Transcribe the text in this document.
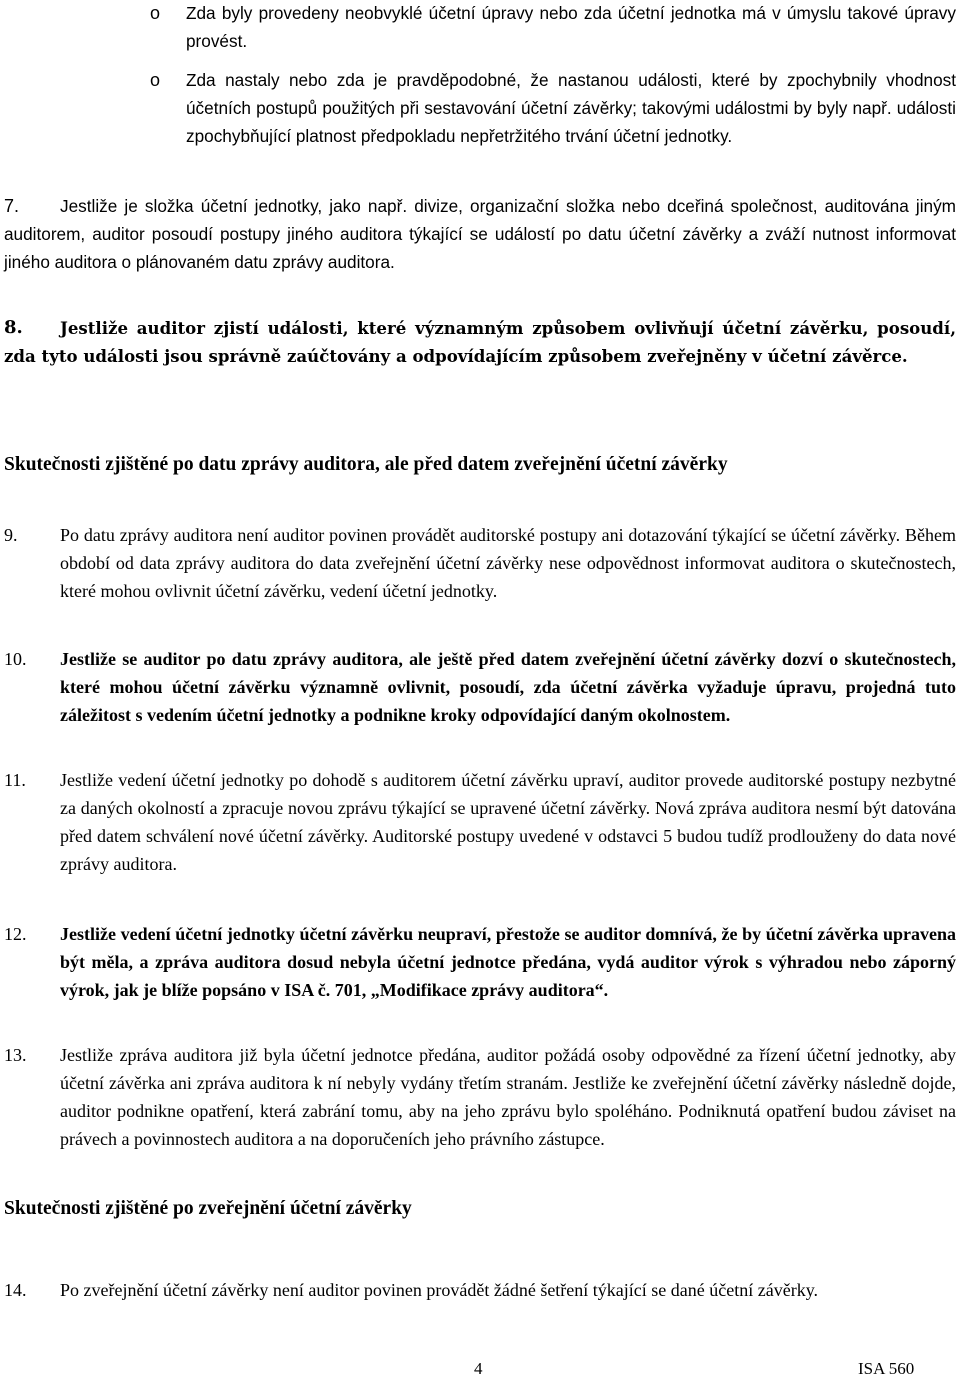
o Zda byly provedeny neobvyklé účetní úpravy nebo zda účetní jednotka má v úmyslu takové úpravy provést.

o Zda nastaly nebo zda je pravděpodobné, že nastanou události, které by zpochybnily vhodnost účetních postupů použitých při sestavování účetní závěrky; takovými událostmi by byly např. události zpochybňující platnost předpokladu nepřetržitého trvání účetní jednotky.

7.	Jestliže je složka účetní jednotky, jako např. divize, organizační složka nebo dceřiná společnost, auditována jiným auditorem, auditor posoudí postupy jiného auditora týkající se událostí po datu účetní závěrky a zváží nutnost informovat jiného auditora o plánovaném datu zprávy auditora.

8.	Jestliže auditor zjistí události, které významným způsobem ovlivňují účetní závěrku, posoudí, zda tyto události jsou správně zaúčtovány a odpovídajícím způsobem zveřejněny v účetní závěrce.

Skutečnosti zjištěné po datu zprávy auditora, ale před datem zveřejnění účetní závěrky
9. Po datu zprávy auditora není auditor povinen provádět auditorské postupy ani dotazování týkající se účetní závěrky. Během období od data zprávy auditora do data zveřejnění účetní závěrky nese odpovědnost informovat auditora o skutečnostech, které mohou ovlivnit účetní závěrku, vedení účetní jednotky.

10. Jestliže se auditor po datu zprávy auditora, ale ještě před datem zveřejnění účetní závěrky dozví o skutečnostech, které mohou účetní závěrku významně ovlivnit, posoudí, zda účetní závěrka vyžaduje úpravu, projedná tuto záležitost s vedením účetní jednotky a podnikne kroky odpovídající daným okolnostem.

11. Jestliže vedení účetní jednotky po dohodě s auditorem účetní závěrku upraví, auditor provede auditorské postupy nezbytné za daných okolností a zpracuje novou zprávu týkající se upravené účetní závěrky. Nová zpráva auditora nesmí být datována před datem schválení nové účetní závěrky. Auditorské postupy uvedené v odstavci 5 budou tudíž prodlouženy do data nové zprávy auditora.

12. Jestliže vedení účetní jednotky účetní závěrku neupraví, přestože se auditor domnívá, že by účetní závěrka upravena být měla, a zpráva auditora dosud nebyla účetní jednotce předána, vydá auditor výrok s výhradou nebo záporný výrok, jak je blíže popsáno v ISA č. 701, „Modifikace zprávy auditora“.

13. Jestliže zpráva auditora již byla účetní jednotce předána, auditor požádá osoby odpovědné za řízení účetní jednotky, aby účetní závěrka ani zpráva auditora k ní nebyly vydány třetím stranám. Jestliže ke zveřejnění účetní závěrky následně dojde, auditor podnikne opatření, která zabrání tomu, aby na jeho zprávu bylo spoléháno. Podniknutá opatření budou záviset na právech a povinnostech auditora a na doporučeních jeho právního zástupce.

Skutečnosti zjištěné po zveřejnění účetní závěrky
14. Po zveřejnění účetní závěrky není auditor povinen provádět žádné šetření týkající se dané účetní závěrky.

4	ISA 560
